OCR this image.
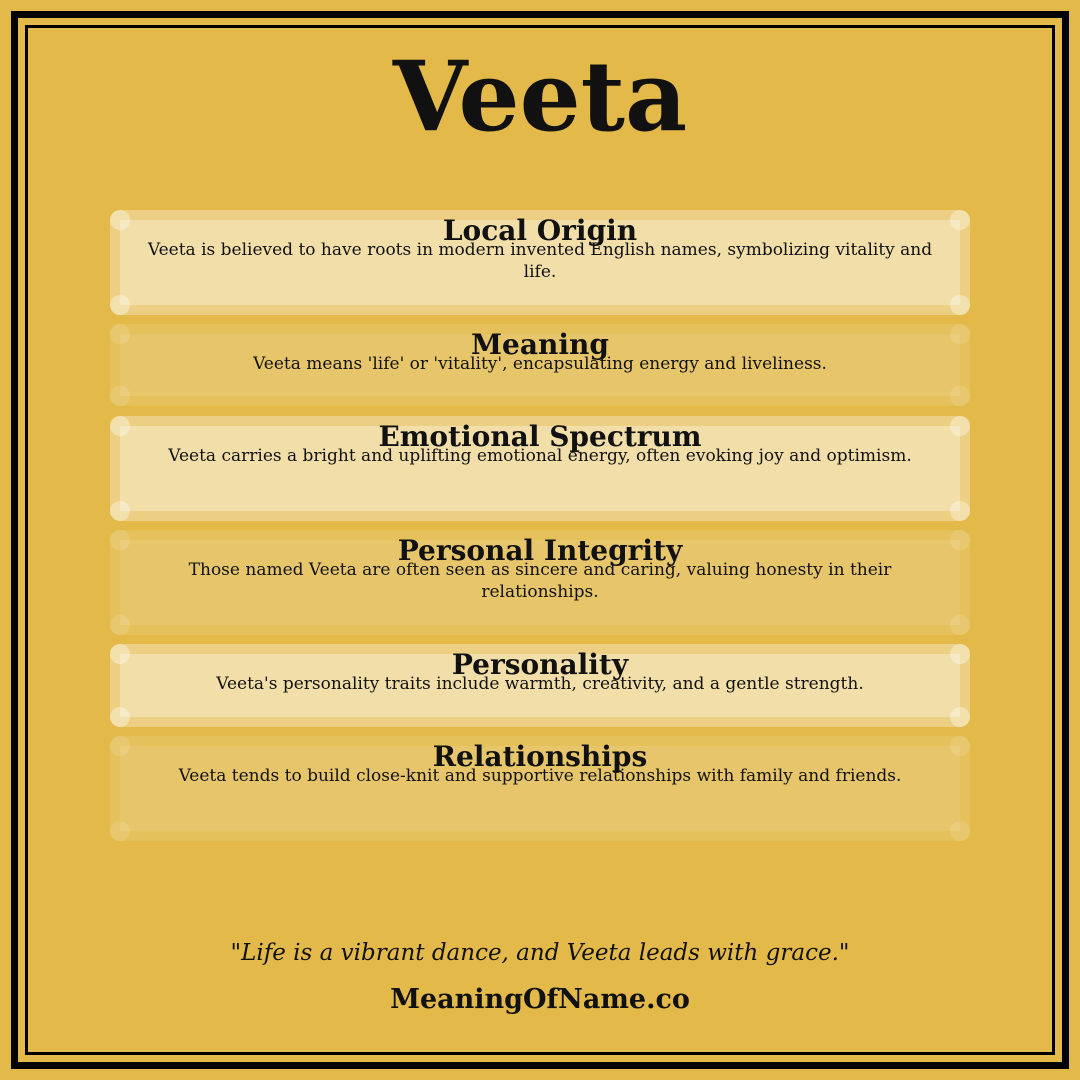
Veeta
Local Origin

Veeta is believed to have roots in modern invented English names, symbolizing vitality and life.

Meaning

Veeta means 'life' or 'vitality', encapsulating energy and liveliness.

Emotional Spectrum

Veeta carries a bright and uplifting emotional energy, often evoking joy and optimism.

Personal Integrity

Those named Veeta are often seen as sincere and caring, valuing honesty in their relationships.

Personality

Veeta's personality traits include warmth, creativity, and a gentle strength.

Relationships

Veeta tends to build close-knit and supportive relationships with family and friends.

"Life is a vibrant dance, and Veeta leads with grace."
MeaningOfName.co
